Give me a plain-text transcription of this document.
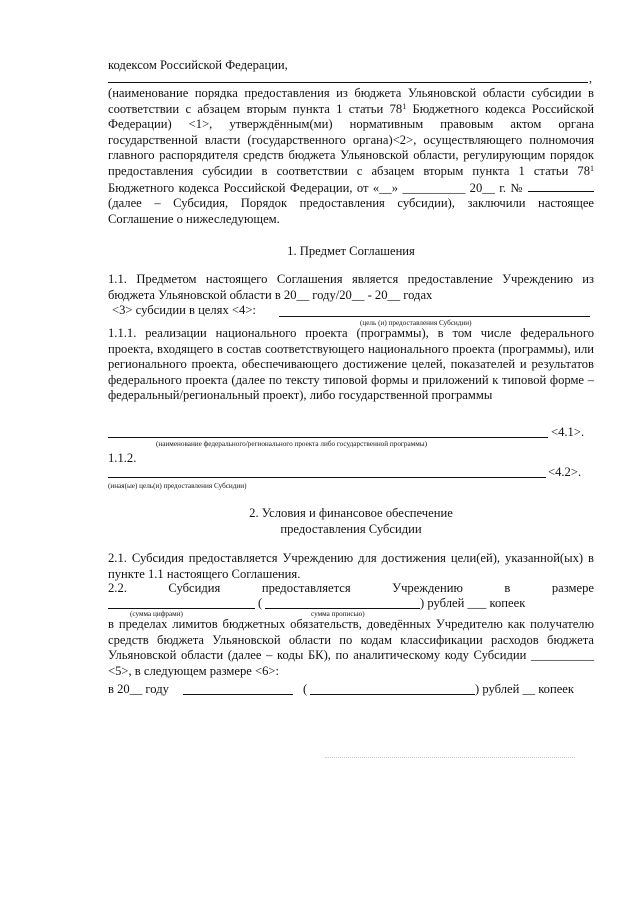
кодексом Российской Федерации,
,

(наименование порядка предоставления из бюджета Ульяновской области субсидии в соответствии с абзацем вторым пункта 1 статьи $78^1$ Бюджетного кодекса Российской Федерации) <1>, утверждённым(ми) нормативным правовым актом органа государственной власти (государственного органа)<2>, осуществляющего полномочия главного распорядителя средств бюджета Ульяновской области, регулирующим порядок предоставления субсидии в соответствии с абзацем вторым пункта 1 статьи $78^1$ Бюджетного кодекса Российской Федерации, от «__» __________ 20__ г. №  (далее – Субсидия, Порядок предоставления субсидии), заключили настоящее Соглашение о нижеследующем.

1. Предмет Соглашения

1.1. Предметом настоящего Соглашения является предоставление Учреждению из бюджета Ульяновской области в 20__ году/20__ - 20__ годах

<3> субсидии в целях <4>:
(цель (и) предоставления Субсидии)

1.1.1. реализации национального проекта (программы), в том числе федерального проекта, входящего в состав соответствующего национального проекта (программы), или регионального проекта, обеспечивающего достижение целей, показателей и результатов федерального проекта (далее по тексту типовой формы и приложений к типовой форме – федеральный/региональный проект), либо государственной программы

<4.1>.
(наименование федерального/регионального проекта либо государственной программы)
1.1.2.
<4.2>.
(иная(ые) цель(и) предоставления Субсидии)
2. Условия и финансовое обеспечение
предоставления Субсидии

2.1. Субсидия предоставляется Учреждению для достижения цели(ей), указанной(ых) в пункте 1.1 настоящего Соглашения.

2.2. Субсидия предоставляется Учреждению в размере

(	) рублей ___ копеек
(сумма цифрами)	сумма прописью)

в пределах лимитов бюджетных обязательств, доведённых Учредителю как получателю средств бюджета Ульяновской области по кодам классификации расходов бюджета Ульяновской области (далее – коды БК), по аналитическому коду Субсидии __________ <5>, в следующем размере <6>:

в 20__ году	(	) рублей __ копеек
